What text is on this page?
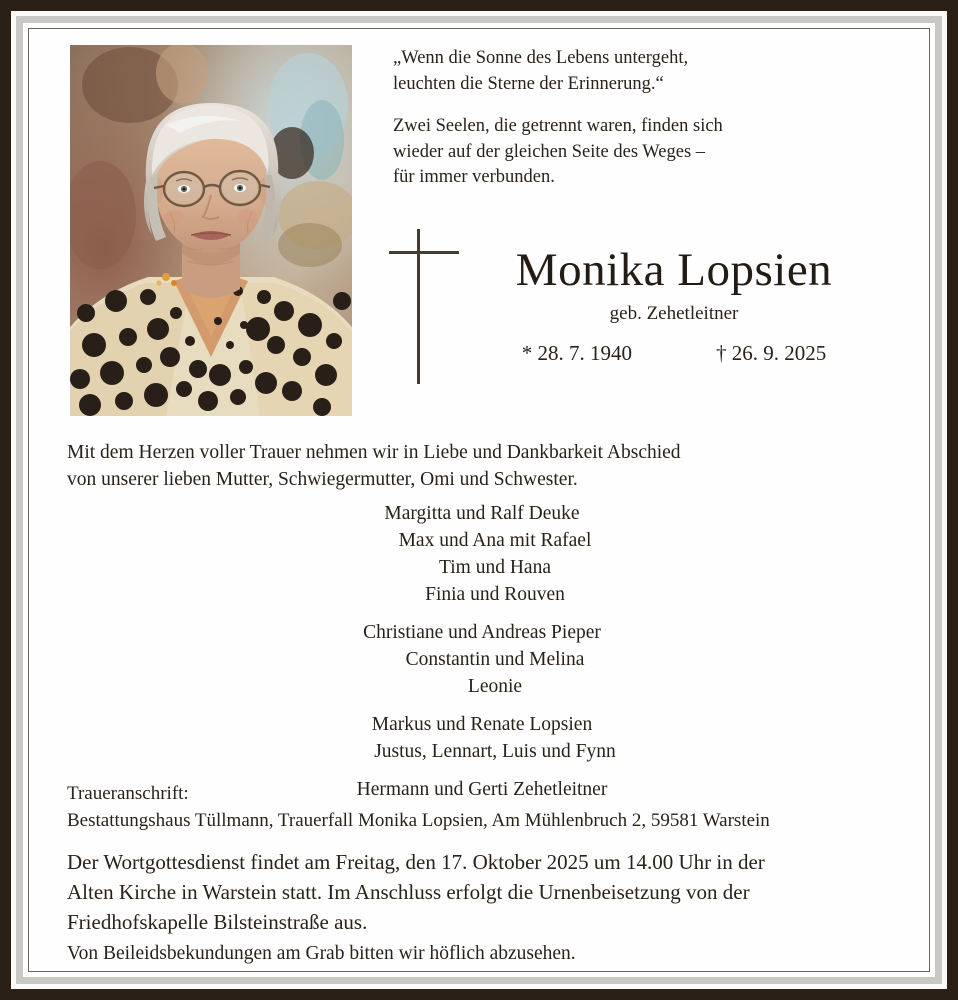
„Wenn die Sonne des Lebens untergeht,
leuchten die Sterne der Erinnerung.“
Zwei Seelen, die getrennt waren, finden sich
wieder auf der gleichen Seite des Weges –
für immer verbunden.
Monika Lopsien
geb. Zehetleitner
* 28. 7. 1940	† 26. 9. 2025
Mit dem Herzen voller Trauer nehmen wir in Liebe und Dankbarkeit Abschied
von unserer lieben Mutter, Schwiegermutter, Omi und Schwester.
Margitta und Ralf Deuke
Max und Ana mit Rafael
Tim und Hana
Finia und Rouven
Christiane und Andreas Pieper
Constantin und Melina
Leonie
Markus und Renate Lopsien
Justus, Lennart, Luis und Fynn
Hermann und Gerti Zehetleitner
Traueranschrift:
Bestattungshaus Tüllmann, Trauerfall Monika Lopsien, Am Mühlenbruch 2, 59581 Warstein
Der Wortgottesdienst findet am Freitag, den 17. Oktober 2025 um 14.00 Uhr in der
Alten Kirche in Warstein statt. Im Anschluss erfolgt die Urnenbeisetzung von der
Friedhofskapelle Bilsteinstraße aus.
Von Beileidsbekundungen am Grab bitten wir höflich abzusehen.
